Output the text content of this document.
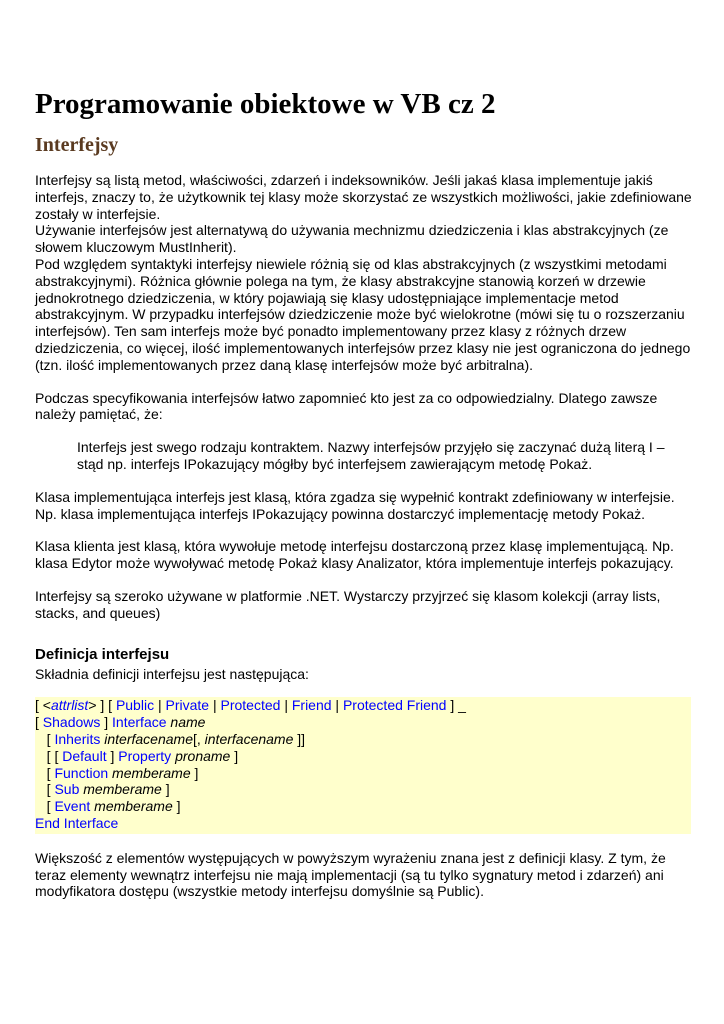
Programowanie obiektowe w VB cz 2
Interfejsy

Interfejsy są listą metod, właściwości, zdarzeń i indeksowników. Jeśli jakaś klasa implementuje jakiś interfejs, znaczy to, że użytkownik tej klasy może skorzystać ze wszystkich możliwości, jakie zdefiniowane zostały w interfejsie.

Używanie interfejsów jest alternatywą do używania mechnizmu dziedziczenia i klas abstrakcyjnych (ze słowem kluczowym MustInherit).

Pod względem syntaktyki interfejsy niewiele różnią się od klas abstrakcyjnych (z wszystkimi metodami abstrakcyjnymi). Różnica głównie polega na tym, że klasy abstrakcyjne stanowią korzeń w drzewie jednokrotnego dziedziczenia, w który pojawiają się klasy udostępniające implementacje metod abstrakcyjnym. W przypadku interfejsów dziedziczenie może być wielokrotne (mówi się tu o rozszerzaniu interfejsów). Ten sam interfejs może być ponadto implementowany przez klasy z różnych drzew dziedziczenia, co więcej, ilość implementowanych interfejsów przez klasy nie jest ograniczona do jednego (tzn. ilość implementowanych przez daną klasę interfejsów może być arbitralna).

Podczas specyfikowania interfejsów łatwo zapomnieć kto jest za co odpowiedzialny. Dlatego zawsze należy pamiętać, że:

Interfejs jest swego rodzaju kontraktem. Nazwy interfejsów przyjęło się zaczynać dużą literą I – stąd np. interfejs IPokazujący mógłby być interfejsem zawierającym metodę Pokaż.

Klasa implementująca interfejs jest klasą, która zgadza się wypełnić kontrakt zdefiniowany w interfejsie. Np. klasa implementująca interfejs IPokazujący powinna dostarczyć implementację metody Pokaż.

Klasa klienta jest klasą, która wywołuje metodę interfejsu dostarczoną przez klasę implementującą. Np. klasa Edytor może wywoływać metodę Pokaż klasy Analizator, która implementuje interfejs pokazujący.

Interfejsy są szeroko używane w platformie .NET. Wystarczy przyjrzeć się klasom kolekcji (array lists, stacks, and queues)

Definicja interfejsu

Składnia definicji interfejsu jest następująca:

[ <attrlist> ] [ Public | Private | Protected | Friend | Protected Friend ] _
[ Shadows ] Interface name
[ Inherits interfacename[, interfacename ]]
[ [ Default ] Property proname ]
[ Function memberame ]
[ Sub memberame ]
[ Event memberame ]
End Interface

Większość z elementów występujących w powyższym wyrażeniu znana jest z definicji klasy. Z tym, że teraz elementy wewnątrz interfejsu nie mają implementacji (są tu tylko sygnatury metod i zdarzeń) ani modyfikatora dostępu (wszystkie metody interfejsu domyślnie są Public).
